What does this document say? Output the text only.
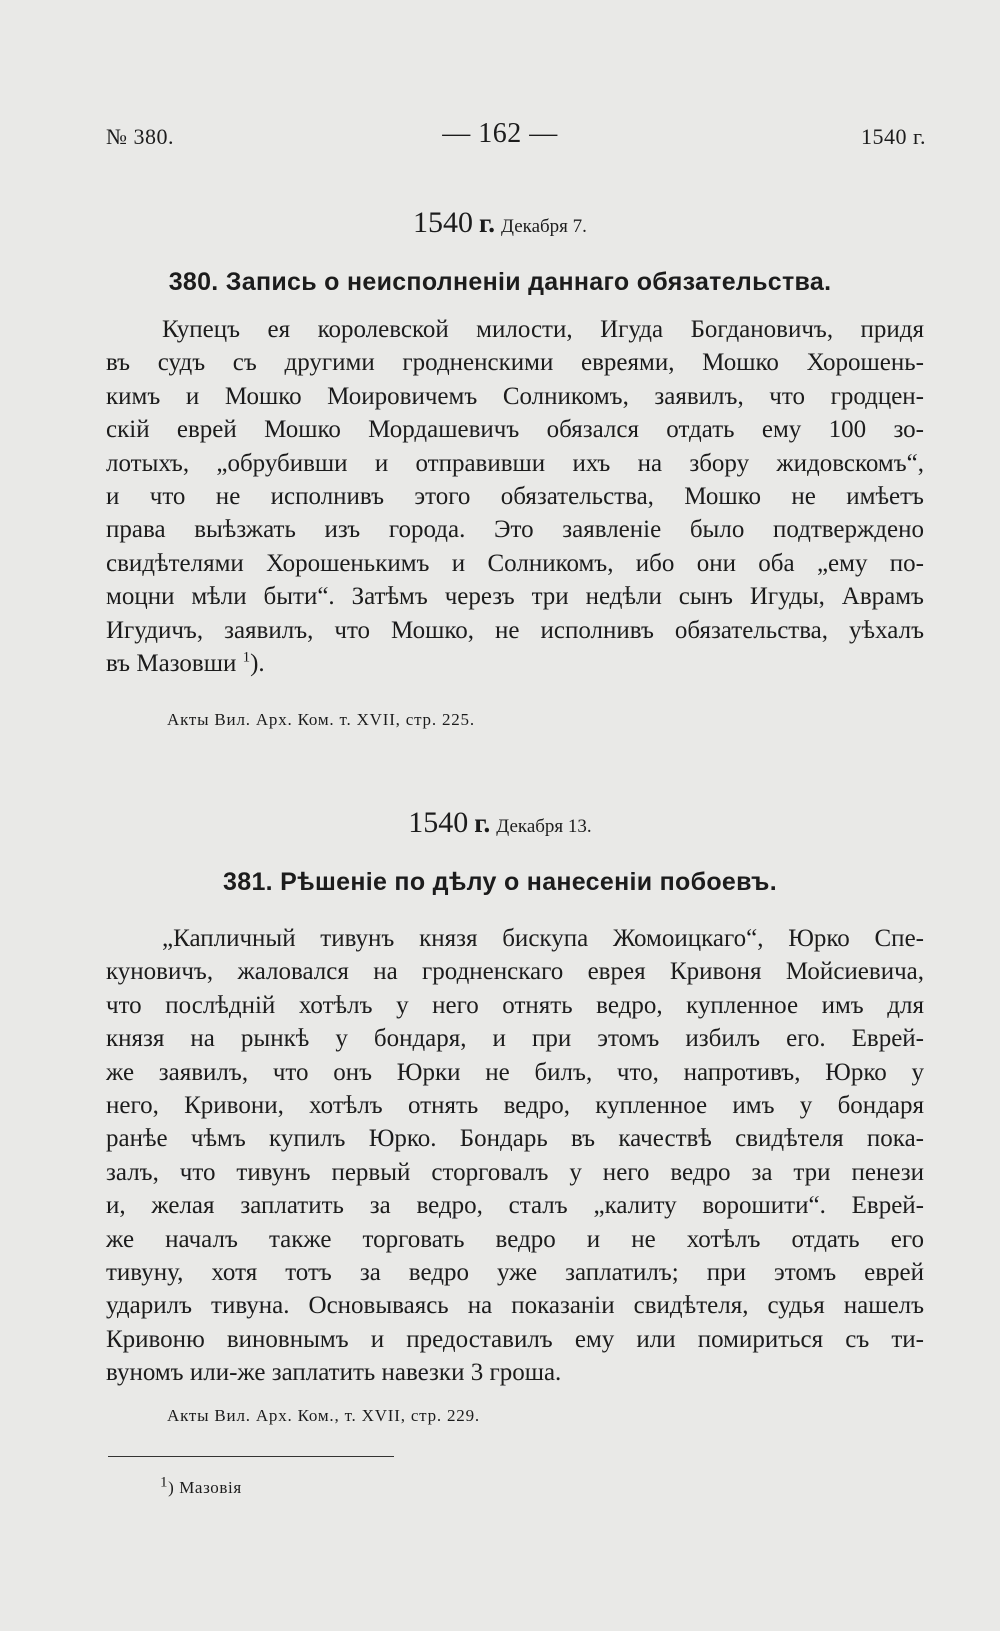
№ 380.	— 162 —	1540 г.
1540 г. Декабря 7.
380. Запись о неисполненіи даннаго обязательства.
Купецъ ея королевской милости, Игуда Богдановичъ, придя
въ судъ съ другими гродненскими евреями, Мошко Хорошень-
кимъ и Мошко Моировичемъ Солникомъ, заявилъ, что гродцен-
скій еврей Мошко Мордашевичъ обязался отдать ему 100 зо-
лотыхъ, „обрубивши и отправивши ихъ на збору жидовскомъ“,
и что не исполнивъ этого обязательства, Мошко не имѣетъ
права выѣзжать изъ города. Это заявленіе было подтверждено
свидѣтелями Хорошенькимъ и Солникомъ, ибо они оба „ему по-
моцни мѣли быти“. Затѣмъ черезъ три недѣли сынъ Игуды, Аврамъ
Игудичъ, заявилъ, что Мошко, не исполнивъ обязательства, уѣхалъ
въ Мазовши $^1$).
Акты Вил. Арх. Ком. т. XVII, стр. 225.
1540 г. Декабря 13.
381. Рѣшеніе по дѣлу о нанесеніи побоевъ.
„Капличный тивунъ князя бискупа Жомоицкаго“, Юрко Спе-
куновичъ, жаловался на гродненскаго еврея Кривоня Мойсиевича,
что послѣдній хотѣлъ у него отнять ведро, купленное имъ для
князя на рынкѣ у бондаря, и при этомъ избилъ его. Еврей-
же заявилъ, что онъ Юрки не билъ, что, напротивъ, Юрко у
него, Кривони, хотѣлъ отнять ведро, купленное имъ у бондаря
ранѣе чѣмъ купилъ Юрко. Бондарь въ качествѣ свидѣтеля пока-
залъ, что тивунъ первый сторговалъ у него ведро за три пенези
и, желая заплатить за ведро, сталъ „калиту ворошити“. Еврей-
же началъ также торговать ведро и не хотѣлъ отдать его
тивуну, хотя тотъ за ведро уже заплатилъ; при этомъ еврей
ударилъ тивуна. Основываясь на показаніи свидѣтеля, судья нашелъ
Кривоню виновнымъ и предоставилъ ему или помириться съ ти-
вуномъ или-же заплатить навезки 3 гроша.
Акты Вил. Арх. Ком., т. XVII, стр. 229.
$^1$) Мазовія
